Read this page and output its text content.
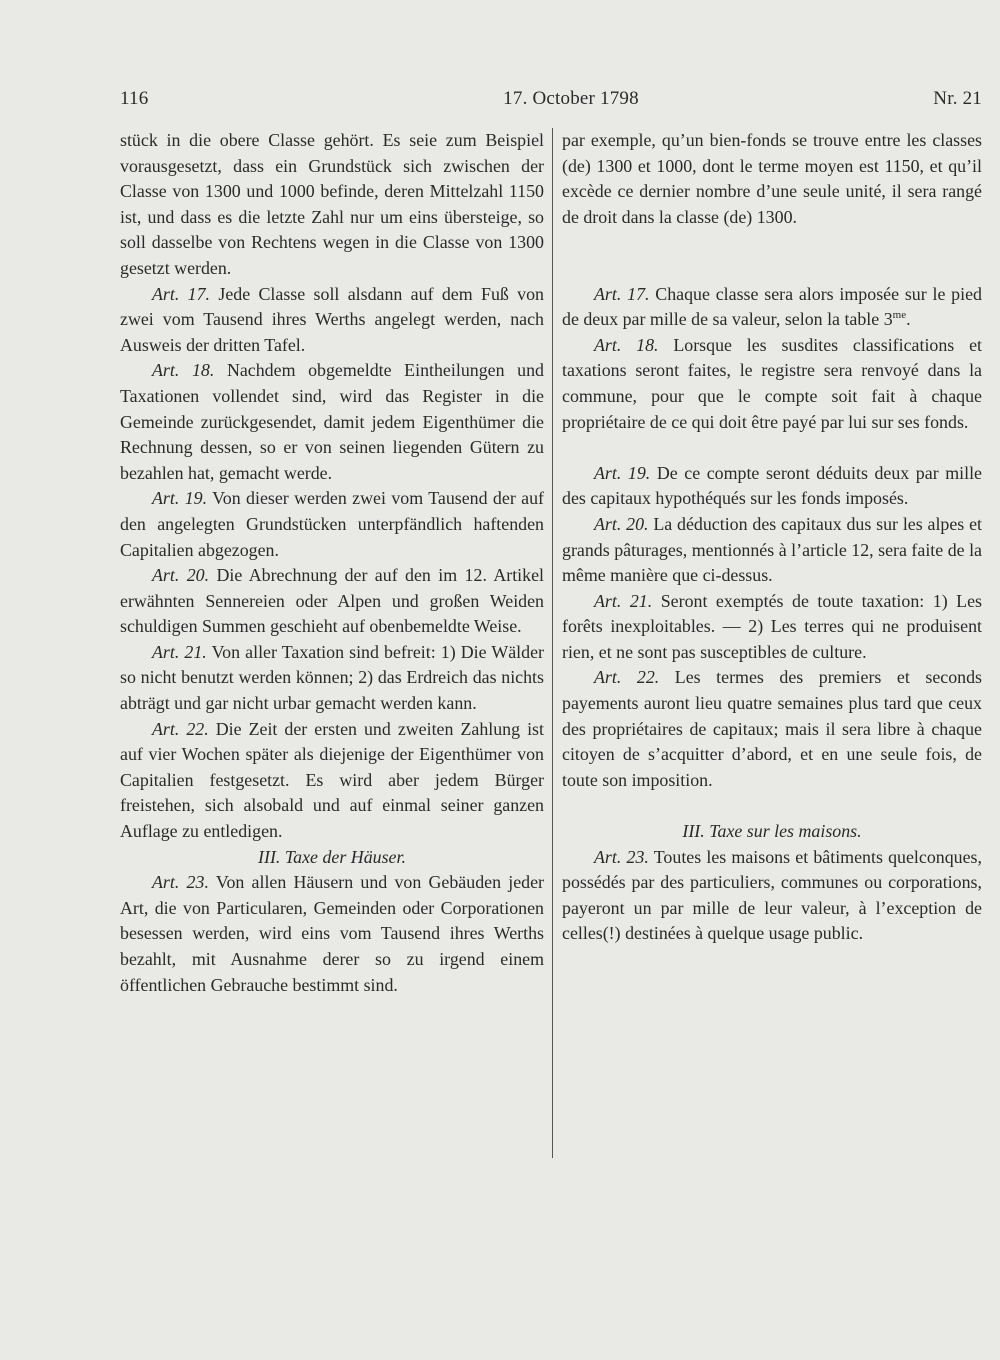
116	17. October 1798	Nr. 21

stück in die obere Classe gehört. Es seie zum Beispiel vorausgesetzt, dass ein Grundstück sich zwischen der Classe von 1300 und 1000 befinde, deren Mittelzahl 1150 ist, und dass es die letzte Zahl nur um eins übersteige, so soll dasselbe von Rechtens wegen in die Classe von 1300 gesetzt werden.

Art. 17. Jede Classe soll alsdann auf dem Fuß von zwei vom Tausend ihres Werths angelegt werden, nach Ausweis der dritten Tafel.

Art. 18. Nachdem obgemeldte Eintheilungen und Taxationen vollendet sind, wird das Register in die Gemeinde zurückgesendet, damit jedem Eigenthümer die Rechnung dessen, so er von seinen liegenden Gütern zu bezahlen hat, gemacht werde.

Art. 19. Von dieser werden zwei vom Tausend der auf den angelegten Grundstücken unterpfändlich haftenden Capitalien abgezogen.

Art. 20. Die Abrechnung der auf den im 12. Artikel erwähnten Sennereien oder Alpen und großen Weiden schuldigen Summen geschieht auf obenbemeldte Weise.

Art. 21. Von aller Taxation sind befreit: 1) Die Wälder so nicht benutzt werden können; 2) das Erdreich das nichts abträgt und gar nicht urbar gemacht werden kann.

Art. 22. Die Zeit der ersten und zweiten Zahlung ist auf vier Wochen später als diejenige der Eigenthümer von Capitalien festgesetzt. Es wird aber jedem Bürger freistehen, sich alsobald und auf einmal seiner ganzen Auflage zu entledigen.

III. Taxe der Häuser.

Art. 23. Von allen Häusern und von Gebäuden jeder Art, die von Particularen, Gemeinden oder Corporationen besessen werden, wird eins vom Tausend ihres Werths bezahlt, mit Ausnahme derer so zu irgend einem öffentlichen Gebrauche bestimmt sind.

par exemple, qu’un bien-fonds se trouve entre les classes (de) 1300 et 1000, dont le terme moyen est 1150, et qu’il excède ce dernier nombre d’une seule unité, il sera rangé de droit dans la classe (de) 1300.

Art. 17. Chaque classe sera alors imposée sur le pied de deux par mille de sa valeur, selon la table $3^{me}$.

Art. 18. Lorsque les susdites classifications et taxations seront faites, le registre sera renvoyé dans la commune, pour que le compte soit fait à chaque propriétaire de ce qui doit être payé par lui sur ses fonds.

Art. 19. De ce compte seront déduits deux par mille des capitaux hypothéqués sur les fonds imposés.

Art. 20. La déduction des capitaux dus sur les alpes et grands pâturages, mentionnés à l’article 12, sera faite de la même manière que ci-dessus.

Art. 21. Seront exemptés de toute taxation: 1) Les forêts inexploitables. — 2) Les terres qui ne produisent rien, et ne sont pas susceptibles de culture.

Art. 22. Les termes des premiers et seconds payements auront lieu quatre semaines plus tard que ceux des propriétaires de capitaux; mais il sera libre à chaque citoyen de s’acquitter d’abord, et en une seule fois, de toute son imposition.

III. Taxe sur les maisons.

Art. 23. Toutes les maisons et bâtiments quelconques, possédés par des particuliers, communes ou corporations, payeront un par mille de leur valeur, à l’exception de celles(!) destinées à quelque usage public.
